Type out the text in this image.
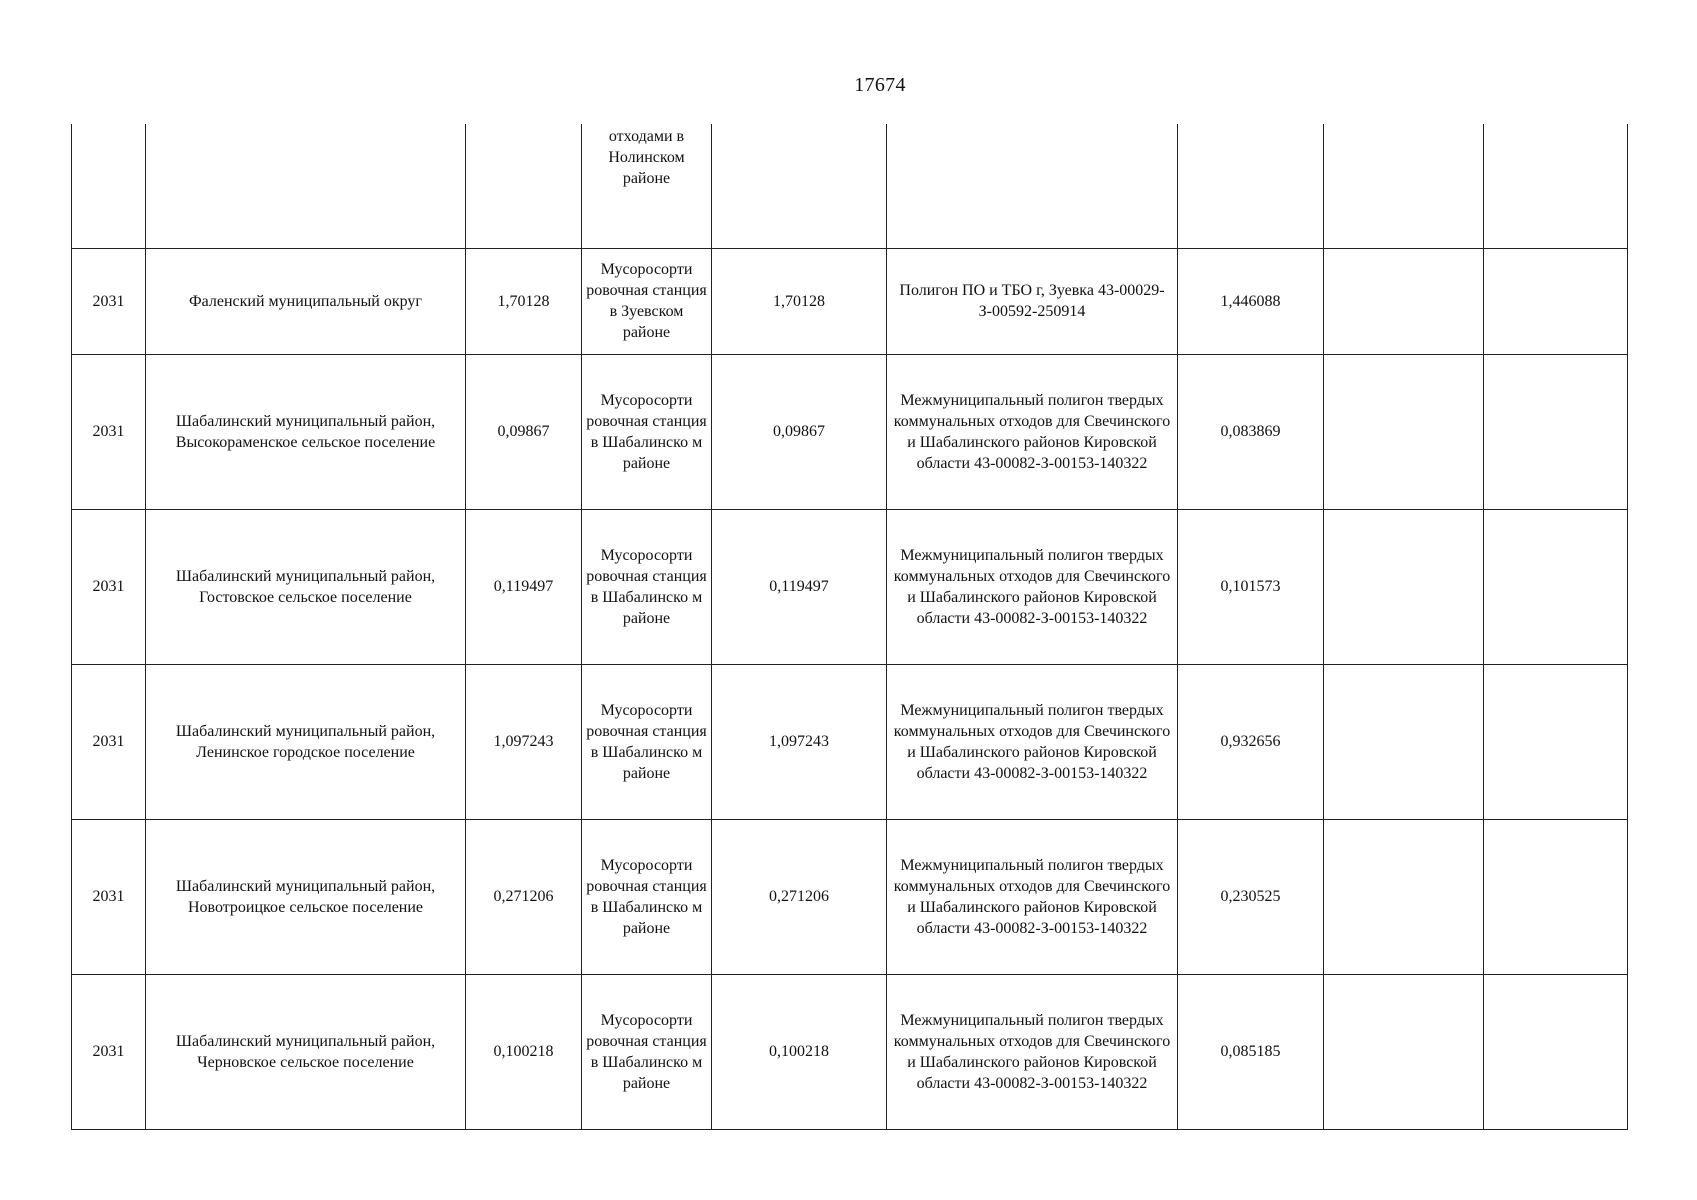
17674
			отходами в Нолинском районе					
2031	Фаленский муниципальный округ	1,70128	Мусоросорти ровочная станция в Зуевском районе	1,70128	Полигон ПО и ТБО г, Зуевка 43-00029-З-00592-250914	1,446088		
2031	Шабалинский муниципальный район, Высокораменское сельское поселение	0,09867	Мусоросорти ровочная станция в Шабалинско м районе	0,09867	Межмуниципальный полигон твердых коммунальных отходов для Свечинского и Шабалинского районов Кировской области 43-00082-З-00153-140322	0,083869		
2031	Шабалинский муниципальный район, Гостовское сельское поселение	0,119497	Мусоросорти ровочная станция в Шабалинско м районе	0,119497	Межмуниципальный полигон твердых коммунальных отходов для Свечинского и Шабалинского районов Кировской области 43-00082-З-00153-140322	0,101573		
2031	Шабалинский муниципальный район, Ленинское городское поселение	1,097243	Мусоросорти ровочная станция в Шабалинско м районе	1,097243	Межмуниципальный полигон твердых коммунальных отходов для Свечинского и Шабалинского районов Кировской области 43-00082-З-00153-140322	0,932656		
2031	Шабалинский муниципальный район, Новотроицкое сельское поселение	0,271206	Мусоросорти ровочная станция в Шабалинско м районе	0,271206	Межмуниципальный полигон твердых коммунальных отходов для Свечинского и Шабалинского районов Кировской области 43-00082-З-00153-140322	0,230525		
2031	Шабалинский муниципальный район, Черновское сельское поселение	0,100218	Мусоросорти ровочная станция в Шабалинско м районе	0,100218	Межмуниципальный полигон твердых коммунальных отходов для Свечинского и Шабалинского районов Кировской области 43-00082-З-00153-140322	0,085185		
